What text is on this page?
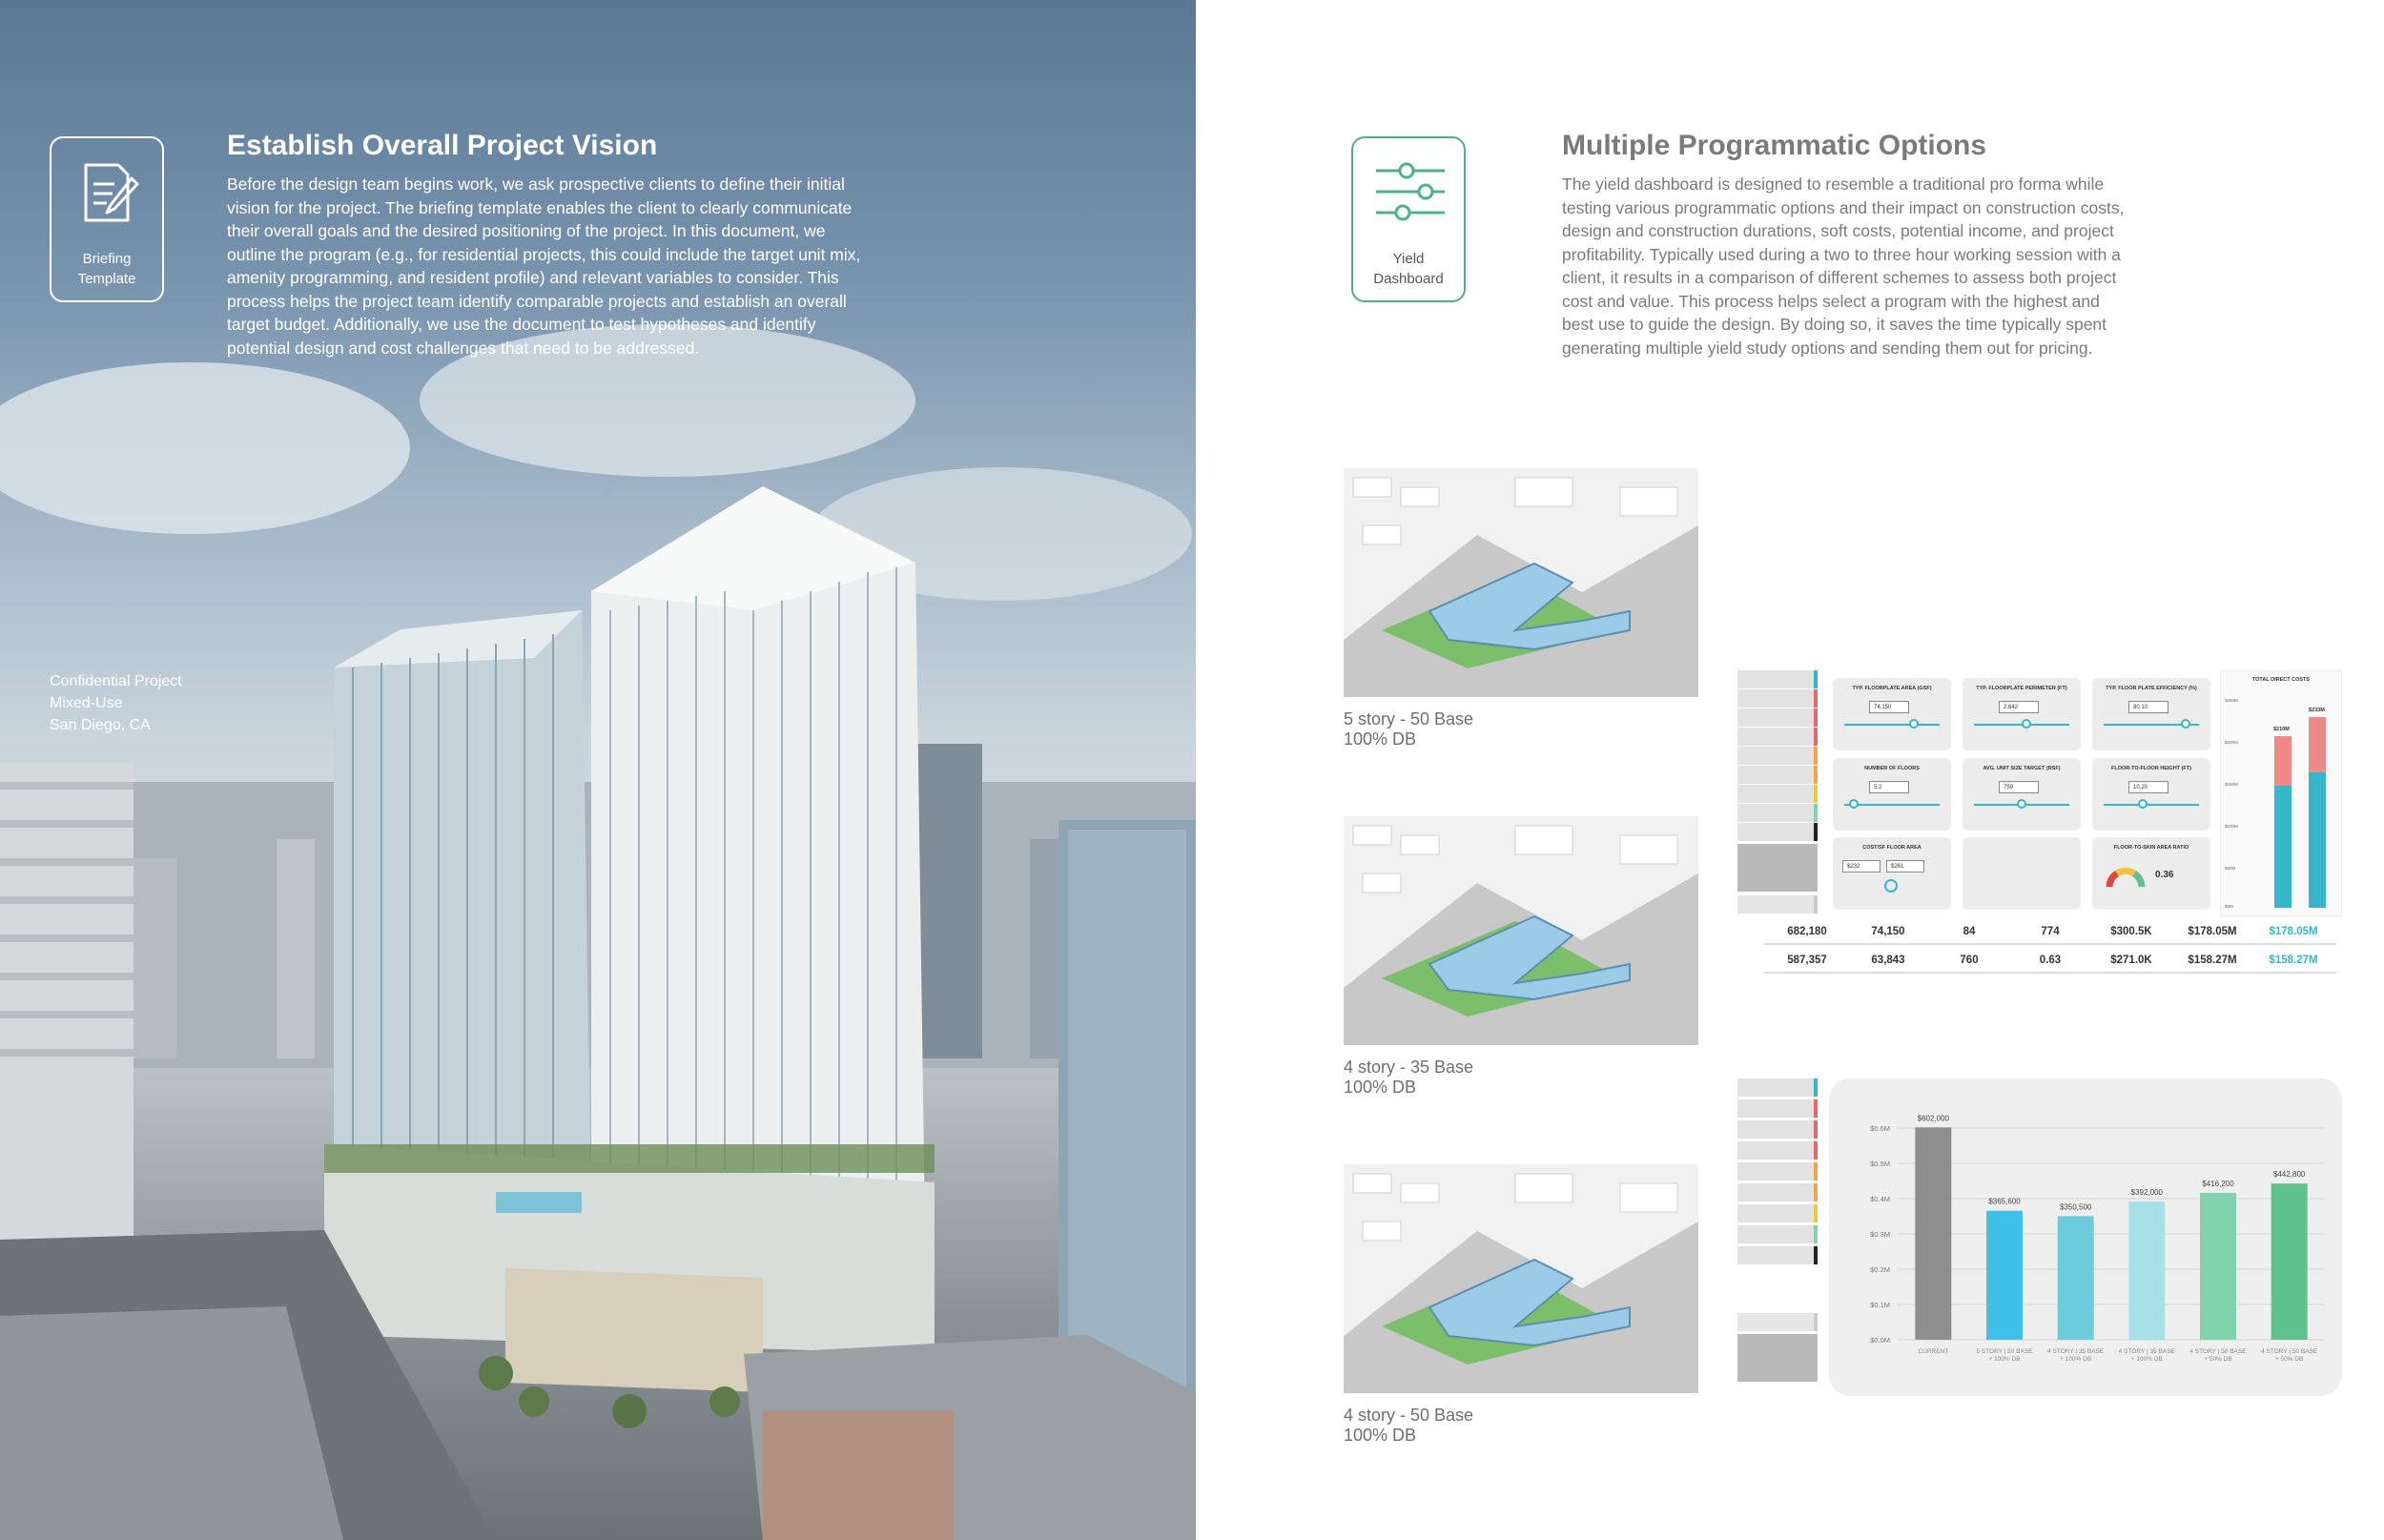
Briefing
Template
Establish Overall Project Vision
Before the design team begins work, we ask prospective clients to define their initial
vision for the project. The briefing template enables the client to clearly communicate
their overall goals and the desired positioning of the project. In this document, we
outline the program (e.g., for residential projects, this could include the target unit mix,
amenity programming, and resident profile) and relevant variables to consider. This
process helps the project team identify comparable projects and establish an overall
target budget. Additionally, we use the document to test hypotheses and identify
potential design and cost challenges that need to be addressed.
Confidential Project
Mixed-Use
San Diego, CA
Yield
Dashboard
Multiple Programmatic Options
The yield dashboard is designed to resemble a traditional pro forma while
testing various programmatic options and their impact on construction costs,
design and construction durations, soft costs, potential income, and project
profitability. Typically used during a two to three hour working session with a
client, it results in a comparison of different schemes to assess both project
cost and value. This process helps select a program with the highest and
best use to guide the design. By doing so, it saves the time typically spent
generating multiple yield study options and sending them out for pricing.
5 story - 50 Base
100% DB
4 story - 35 Base
100% DB
4 story - 50 Base
100% DB
TYP. FLOORPLATE AREA (GSF)
74,150
TYP. FLOORPLATE PERIMETER (FT)
2,642
TYP. FLOOR PLATE EFFICIENCY (%)
80.10
NUMBER OF FLOORS
5.2
AVG. UNIT SIZE TARGET (RSF)
759
FLOOR-TO-FLOOR HEIGHT (FT)
10.20
COST/SF FLOOR AREA
$232	$261
FLOOR-TO-SKIN AREA RATIO
0.36
TOTAL DIRECT COSTS
$250M
$200M
$150M
$100M
$50M
$0M
$210M
$233M
682,180	74,150	84	774	$300.5K	$178.05M	$178.05M
587,357	63,843	760	0.63	$271.0K	$158.27M	$158.27M
$0.6M
$0.5M
$0.4M
$0.3M
$0.2M
$0.1M
$0.0M
$602,000
CURRENT
$365,600
5 STORY | 50 BASE + 100% DB
$350,500
4 STORY | 35 BASE + 100% DB
$392,000
4 STORY | 35 BASE + 100% DB
$416,200
4 STORY | 50 BASE + 50% DB
$442,800
4 STORY | 50 BASE + 50% DB
